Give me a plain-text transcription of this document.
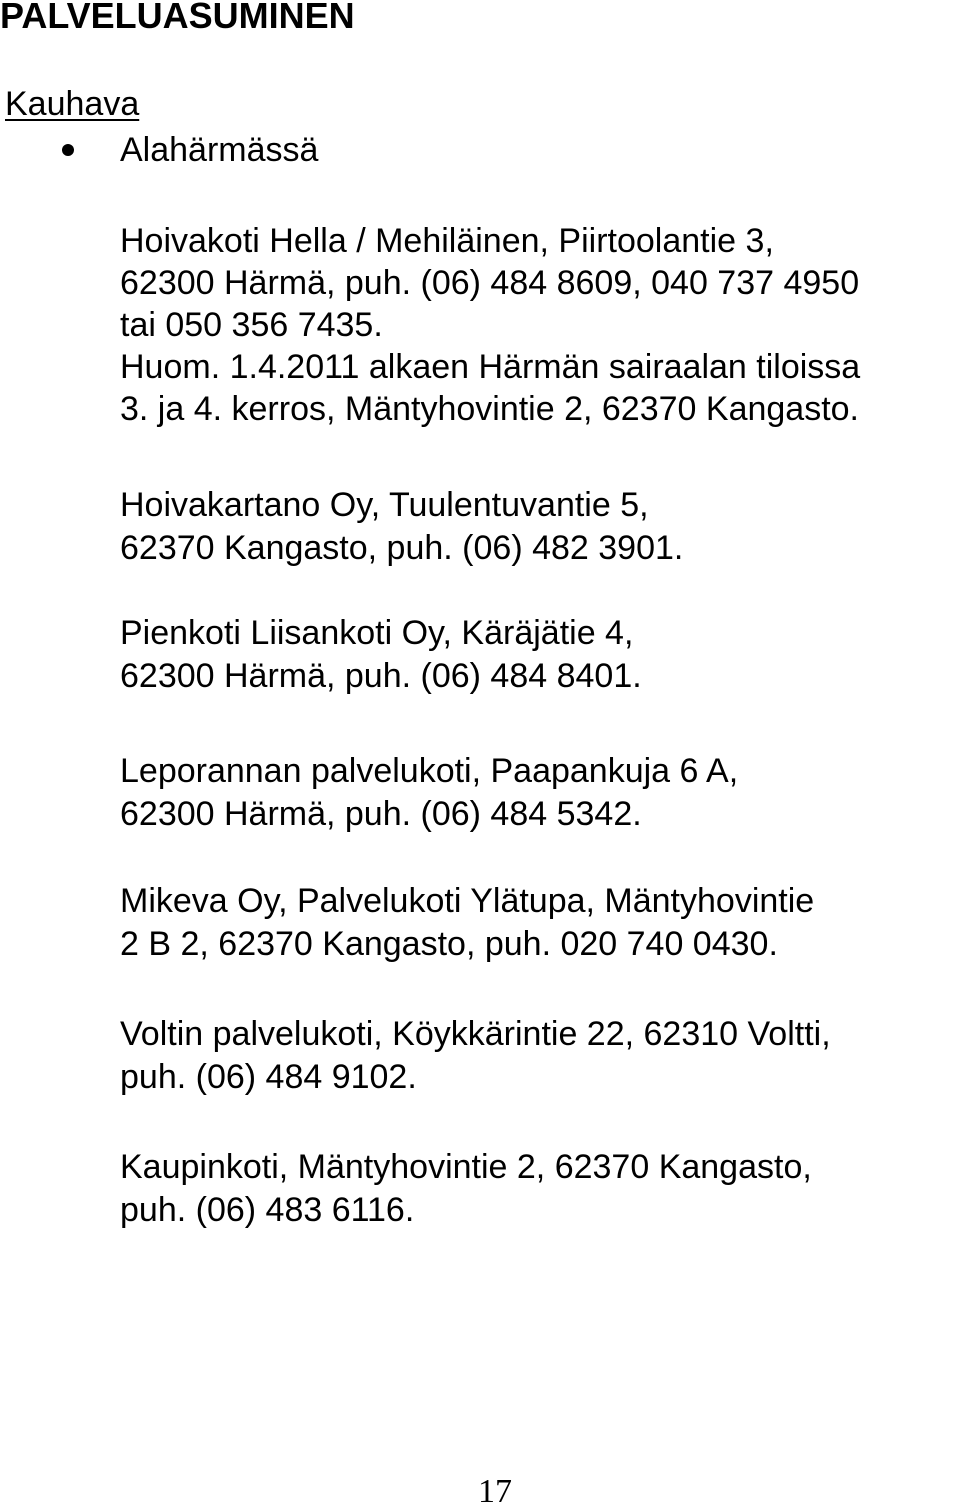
PALVELUASUMINEN
Kauhava
Alahärmässä
Hoivakoti Hella / Mehiläinen, Piirtoolantie 3,
62300 Härmä, puh. (06) 484 8609, 040 737 4950
tai 050 356 7435.
Huom. 1.4.2011 alkaen Härmän sairaalan tiloissa
3. ja 4. kerros, Mäntyhovintie 2, 62370 Kangasto.
Hoivakartano Oy, Tuulentuvantie 5,
62370 Kangasto, puh. (06) 482 3901.
Pienkoti Liisankoti Oy, Käräjätie 4,
62300 Härmä, puh. (06) 484 8401.
Leporannan palvelukoti, Paapankuja 6 A,
62300 Härmä, puh. (06) 484 5342.
Mikeva Oy, Palvelukoti Ylätupa, Mäntyhovintie
2 B 2, 62370 Kangasto, puh. 020 740 0430.
Voltin palvelukoti, Köykkärintie 22, 62310 Voltti,
puh. (06) 484 9102.
Kaupinkoti, Mäntyhovintie 2, 62370 Kangasto,
puh. (06) 483 6116.
17
